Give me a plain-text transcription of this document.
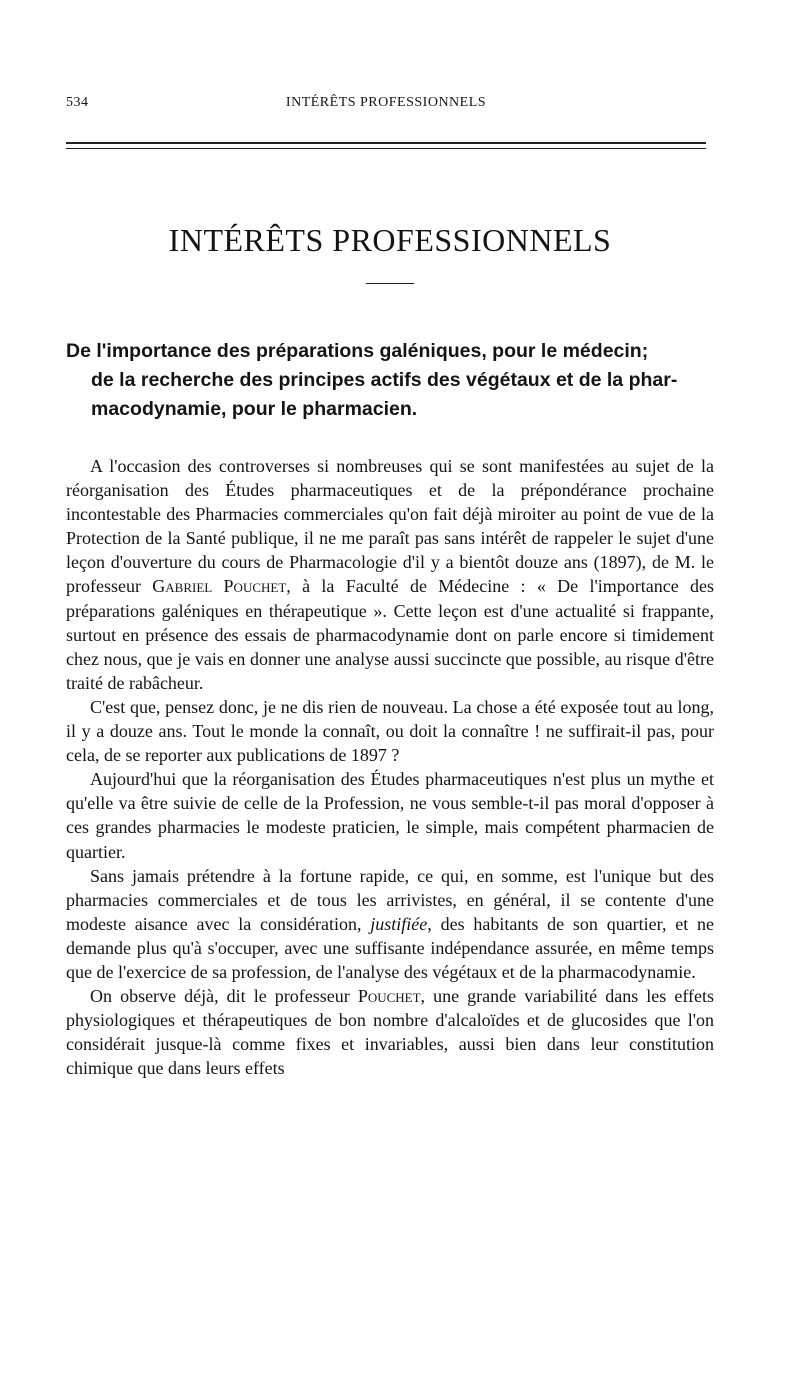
534	INTÉRÊTS PROFESSIONNELS
INTÉRÊTS PROFESSIONNELS
De l'importance des préparations galéniques, pour le médecin;
de la recherche des principes actifs des végétaux et de la phar-
macodynamie, pour le pharmacien.

A l'occasion des controverses si nombreuses qui se sont manifestées au sujet de la réorganisation des Études pharmaceutiques et de la prépondérance prochaine incontestable des Pharmacies commerciales qu'on fait déjà miroiter au point de vue de la Protection de la Santé publique, il ne me paraît pas sans intérêt de rappeler le sujet d'une leçon d'ouverture du cours de Pharmacologie d'il y a bientôt douze ans (1897), de M. le professeur Gabriel Pouchet, à la Faculté de Médecine : « De l'importance des préparations galéniques en thérapeutique ». Cette leçon est d'une actualité si frappante, surtout en présence des essais de pharmacodynamie dont on parle encore si timidement chez nous, que je vais en donner une analyse aussi succincte que possible, au risque d'être traité de rabâcheur.

C'est que, pensez donc, je ne dis rien de nouveau. La chose a été exposée tout au long, il y a douze ans. Tout le monde la connaît, ou doit la connaître ! ne suffirait-il pas, pour cela, de se reporter aux publications de 1897 ?

Aujourd'hui que la réorganisation des Études pharmaceutiques n'est plus un mythe et qu'elle va être suivie de celle de la Profession, ne vous semble-t-il pas moral d'opposer à ces grandes pharmacies le modeste praticien, le simple, mais compétent pharmacien de quartier.

Sans jamais prétendre à la fortune rapide, ce qui, en somme, est l'unique but des pharmacies commerciales et de tous les arrivistes, en général, il se contente d'une modeste aisance avec la considération, justifiée, des habitants de son quartier, et ne demande plus qu'à s'occuper, avec une suffisante indépendance assurée, en même temps que de l'exercice de sa profession, de l'analyse des végétaux et de la pharmacodynamie.

On observe déjà, dit le professeur Pouchet, une grande variabilité dans les effets physiologiques et thérapeutiques de bon nombre d'alcaloïdes et de glucosides que l'on considérait jusque-là comme fixes et invariables, aussi bien dans leur constitution chimique que dans leurs effets
